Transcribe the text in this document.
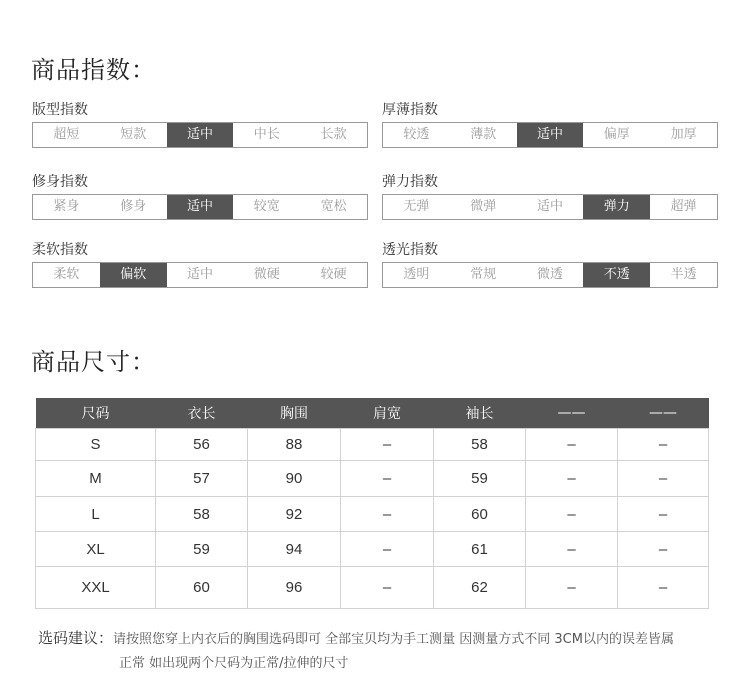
商品指数：
版型指数
超短	短款	适中	中长	长款
厚薄指数
较透	薄款	适中	偏厚	加厚
修身指数
紧身	修身	适中	较宽	宽松
弹力指数
无弹	微弹	适中	弹力	超弹
柔软指数
柔软	偏软	适中	微硬	较硬
透光指数
透明	常规	微透	不透	半透
商品尺寸：
尺码	衣长	胸围	肩宽	袖长	——	——
S	56	88	–	58	–	–
M	57	90	–	59	–	–
L	58	92	–	60	–	–
XL	59	94	–	61	–	–
XXL	60	96	–	62	–	–
选码建议：请按照您穿上内衣后的胸围选码即可 全部宝贝均为手工测量 因测量方式不同 3CM以内的误差皆属
正常 如出现两个尺码为正常/拉伸的尺寸
